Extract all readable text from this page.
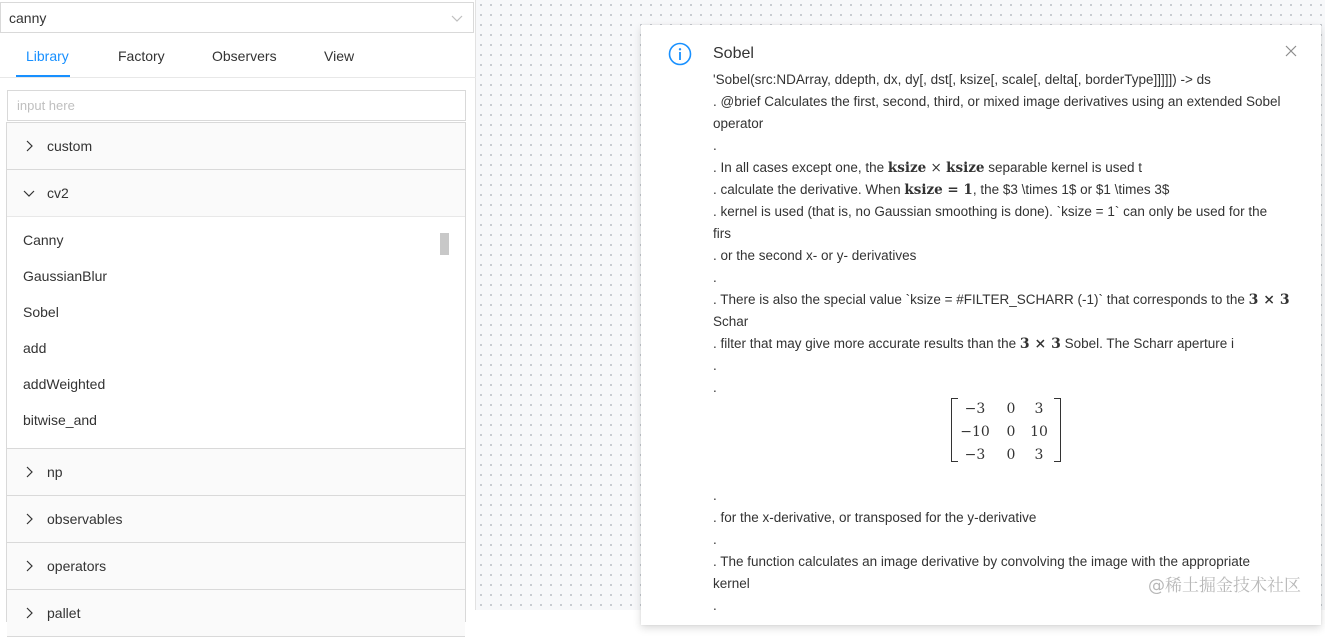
canny
Library	Factory	Observers	View
input here
custom
cv2
Canny
GaussianBlur
Sobel
add
addWeighted
bitwise_and
np
observables
operators
pallet
Sobel
'Sobel(src:NDArray, ddepth, dx, dy[, dst[, ksize[, scale[, delta[, borderType]]]]]) -> ds
. @brief Calculates the first, second, third, or mixed image derivatives using an extended Sobel
operator
.
. In all cases except one, the ksize × ksize separable kernel is used t
. calculate the derivative. When ksize = 1, the $3 \times 1$ or $1 \times 3$
. kernel is used (that is, no Gaussian smoothing is done). `ksize = 1` can only be used for the
firs
. or the second x- or y- derivatives
.
. There is also the special value `ksize = #FILTER_SCHARR (-1)` that corresponds to the 3 × 3
Schar
. filter that may give more accurate results than the 3 × 3 Sobel. The Scharr aperture i
.
.
−3	0	3
−10	0	10
−3	0	3
.
. for the x-derivative, or transposed for the y-derivative
.
. The function calculates an image derivative by convolving the image with the appropriate
kernel
.
@稀土掘金技术社区
